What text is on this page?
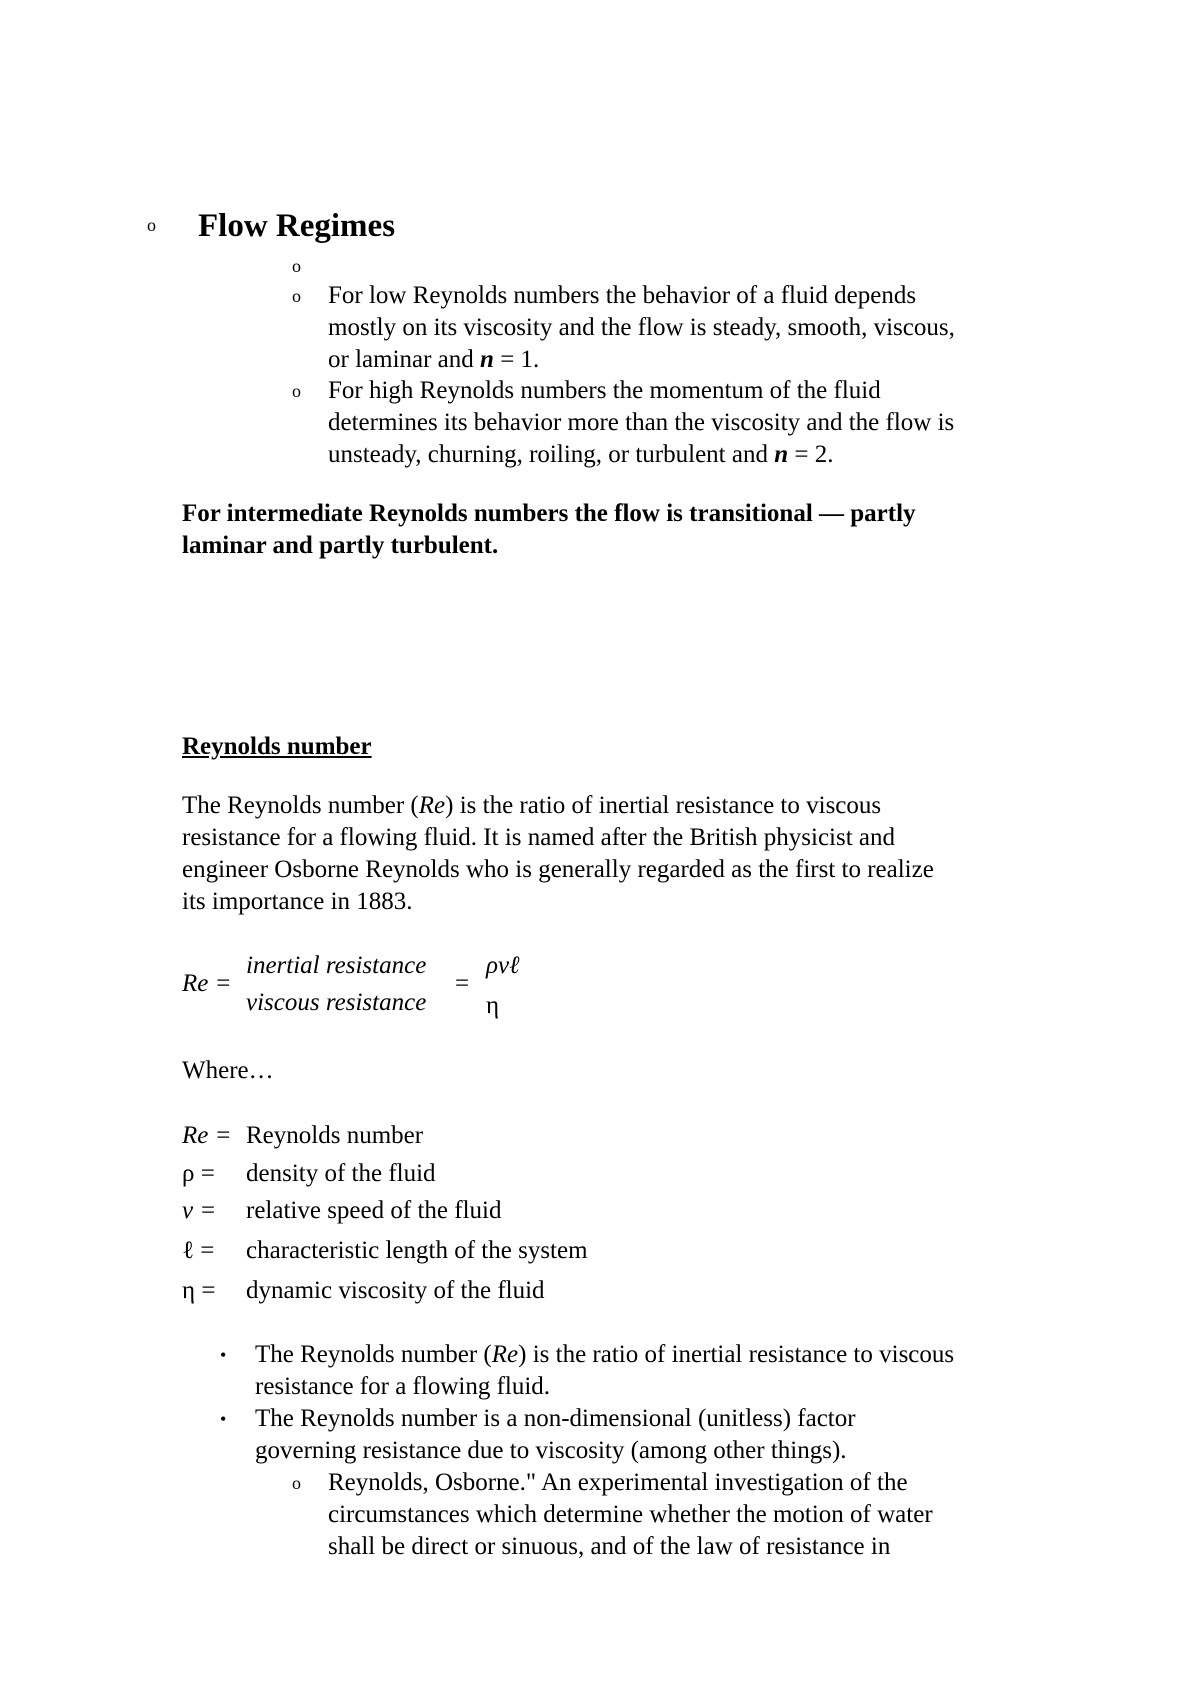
o Flow Regimes
o
o For low Reynolds numbers the behavior of a fluid depends
mostly on its viscosity and the flow is steady, smooth, viscous,
or laminar and n = 1.
o For high Reynolds numbers the momentum of the fluid
determines its behavior more than the viscosity and the flow is
unsteady, churning, roiling, or turbulent and n = 2.
For intermediate Reynolds numbers the flow is transitional — partly
laminar and partly turbulent.
Reynolds number
The Reynolds number (Re) is the ratio of inertial resistance to viscous
resistance for a flowing fluid. It is named after the British physicist and
engineer Osborne Reynolds who is generally regarded as the first to realize
its importance in 1883.
Re =
inertial resistance
viscous resistance
=
ρvℓ
η
Where…
Re = Reynolds number
ρ = density of the fluid
v = relative speed of the fluid
ℓ = characteristic length of the system
η = dynamic viscosity of the fluid
• The Reynolds number (Re) is the ratio of inertial resistance to viscous
resistance for a flowing fluid.
• The Reynolds number is a non-dimensional (unitless) factor
governing resistance due to viscosity (among other things).
o Reynolds, Osborne." An experimental investigation of the
circumstances which determine whether the motion of water
shall be direct or sinuous, and of the law of resistance in
